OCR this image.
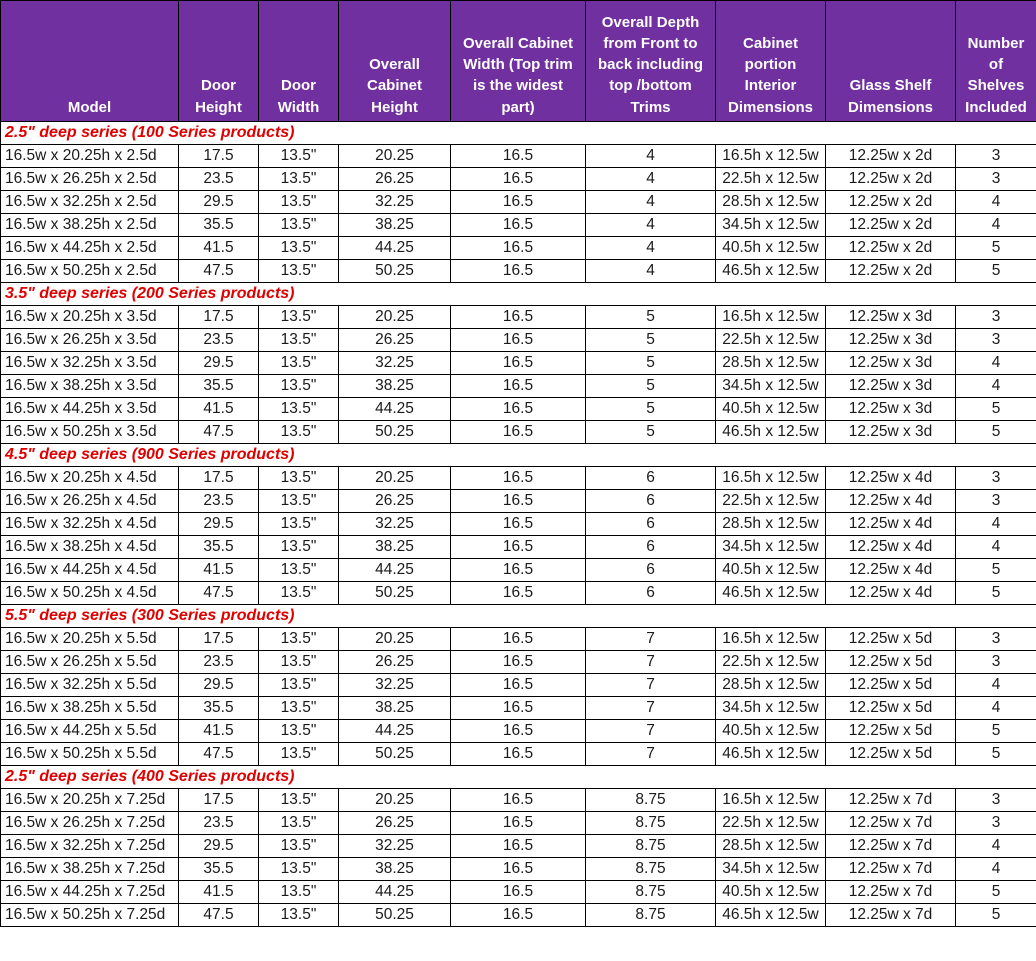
Model	Door Height	Door Width	Overall Cabinet Height	Overall Cabinet Width (Top trim is the widest part)	Overall Depth from Front to back including top /bottom Trims	Cabinet portion Interior Dimensions	Glass Shelf Dimensions	Number of Shelves Included
2.5" deep series (100 Series products)								
16.5w x 20.25h x 2.5d	17.5	13.5"	20.25	16.5	4	16.5h x 12.5w	12.25w x 2d	3
16.5w x 26.25h x 2.5d	23.5	13.5"	26.25	16.5	4	22.5h x 12.5w	12.25w x 2d	3
16.5w x 32.25h x 2.5d	29.5	13.5"	32.25	16.5	4	28.5h x 12.5w	12.25w x 2d	4
16.5w x 38.25h x 2.5d	35.5	13.5"	38.25	16.5	4	34.5h x 12.5w	12.25w x 2d	4
16.5w x 44.25h x 2.5d	41.5	13.5"	44.25	16.5	4	40.5h x 12.5w	12.25w x 2d	5
16.5w x 50.25h x 2.5d	47.5	13.5"	50.25	16.5	4	46.5h x 12.5w	12.25w x 2d	5
3.5" deep series (200 Series products)								
16.5w x 20.25h x 3.5d	17.5	13.5"	20.25	16.5	5	16.5h x 12.5w	12.25w x 3d	3
16.5w x 26.25h x 3.5d	23.5	13.5"	26.25	16.5	5	22.5h x 12.5w	12.25w x 3d	3
16.5w x 32.25h x 3.5d	29.5	13.5"	32.25	16.5	5	28.5h x 12.5w	12.25w x 3d	4
16.5w x 38.25h x 3.5d	35.5	13.5"	38.25	16.5	5	34.5h x 12.5w	12.25w x 3d	4
16.5w x 44.25h x 3.5d	41.5	13.5"	44.25	16.5	5	40.5h x 12.5w	12.25w x 3d	5
16.5w x 50.25h x 3.5d	47.5	13.5"	50.25	16.5	5	46.5h x 12.5w	12.25w x 3d	5
4.5" deep series (900 Series products)								
16.5w x 20.25h x 4.5d	17.5	13.5"	20.25	16.5	6	16.5h x 12.5w	12.25w x 4d	3
16.5w x 26.25h x 4.5d	23.5	13.5"	26.25	16.5	6	22.5h x 12.5w	12.25w x 4d	3
16.5w x 32.25h x 4.5d	29.5	13.5"	32.25	16.5	6	28.5h x 12.5w	12.25w x 4d	4
16.5w x 38.25h x 4.5d	35.5	13.5"	38.25	16.5	6	34.5h x 12.5w	12.25w x 4d	4
16.5w x 44.25h x 4.5d	41.5	13.5"	44.25	16.5	6	40.5h x 12.5w	12.25w x 4d	5
16.5w x 50.25h x 4.5d	47.5	13.5"	50.25	16.5	6	46.5h x 12.5w	12.25w x 4d	5
5.5" deep series (300 Series products)								
16.5w x 20.25h x 5.5d	17.5	13.5"	20.25	16.5	7	16.5h x 12.5w	12.25w x 5d	3
16.5w x 26.25h x 5.5d	23.5	13.5"	26.25	16.5	7	22.5h x 12.5w	12.25w x 5d	3
16.5w x 32.25h x 5.5d	29.5	13.5"	32.25	16.5	7	28.5h x 12.5w	12.25w x 5d	4
16.5w x 38.25h x 5.5d	35.5	13.5"	38.25	16.5	7	34.5h x 12.5w	12.25w x 5d	4
16.5w x 44.25h x 5.5d	41.5	13.5"	44.25	16.5	7	40.5h x 12.5w	12.25w x 5d	5
16.5w x 50.25h x 5.5d	47.5	13.5"	50.25	16.5	7	46.5h x 12.5w	12.25w x 5d	5
2.5" deep series (400 Series products)								
16.5w x 20.25h x 7.25d	17.5	13.5"	20.25	16.5	8.75	16.5h x 12.5w	12.25w x 7d	3
16.5w x 26.25h x 7.25d	23.5	13.5"	26.25	16.5	8.75	22.5h x 12.5w	12.25w x 7d	3
16.5w x 32.25h x 7.25d	29.5	13.5"	32.25	16.5	8.75	28.5h x 12.5w	12.25w x 7d	4
16.5w x 38.25h x 7.25d	35.5	13.5"	38.25	16.5	8.75	34.5h x 12.5w	12.25w x 7d	4
16.5w x 44.25h x 7.25d	41.5	13.5"	44.25	16.5	8.75	40.5h x 12.5w	12.25w x 7d	5
16.5w x 50.25h x 7.25d	47.5	13.5"	50.25	16.5	8.75	46.5h x 12.5w	12.25w x 7d	5
